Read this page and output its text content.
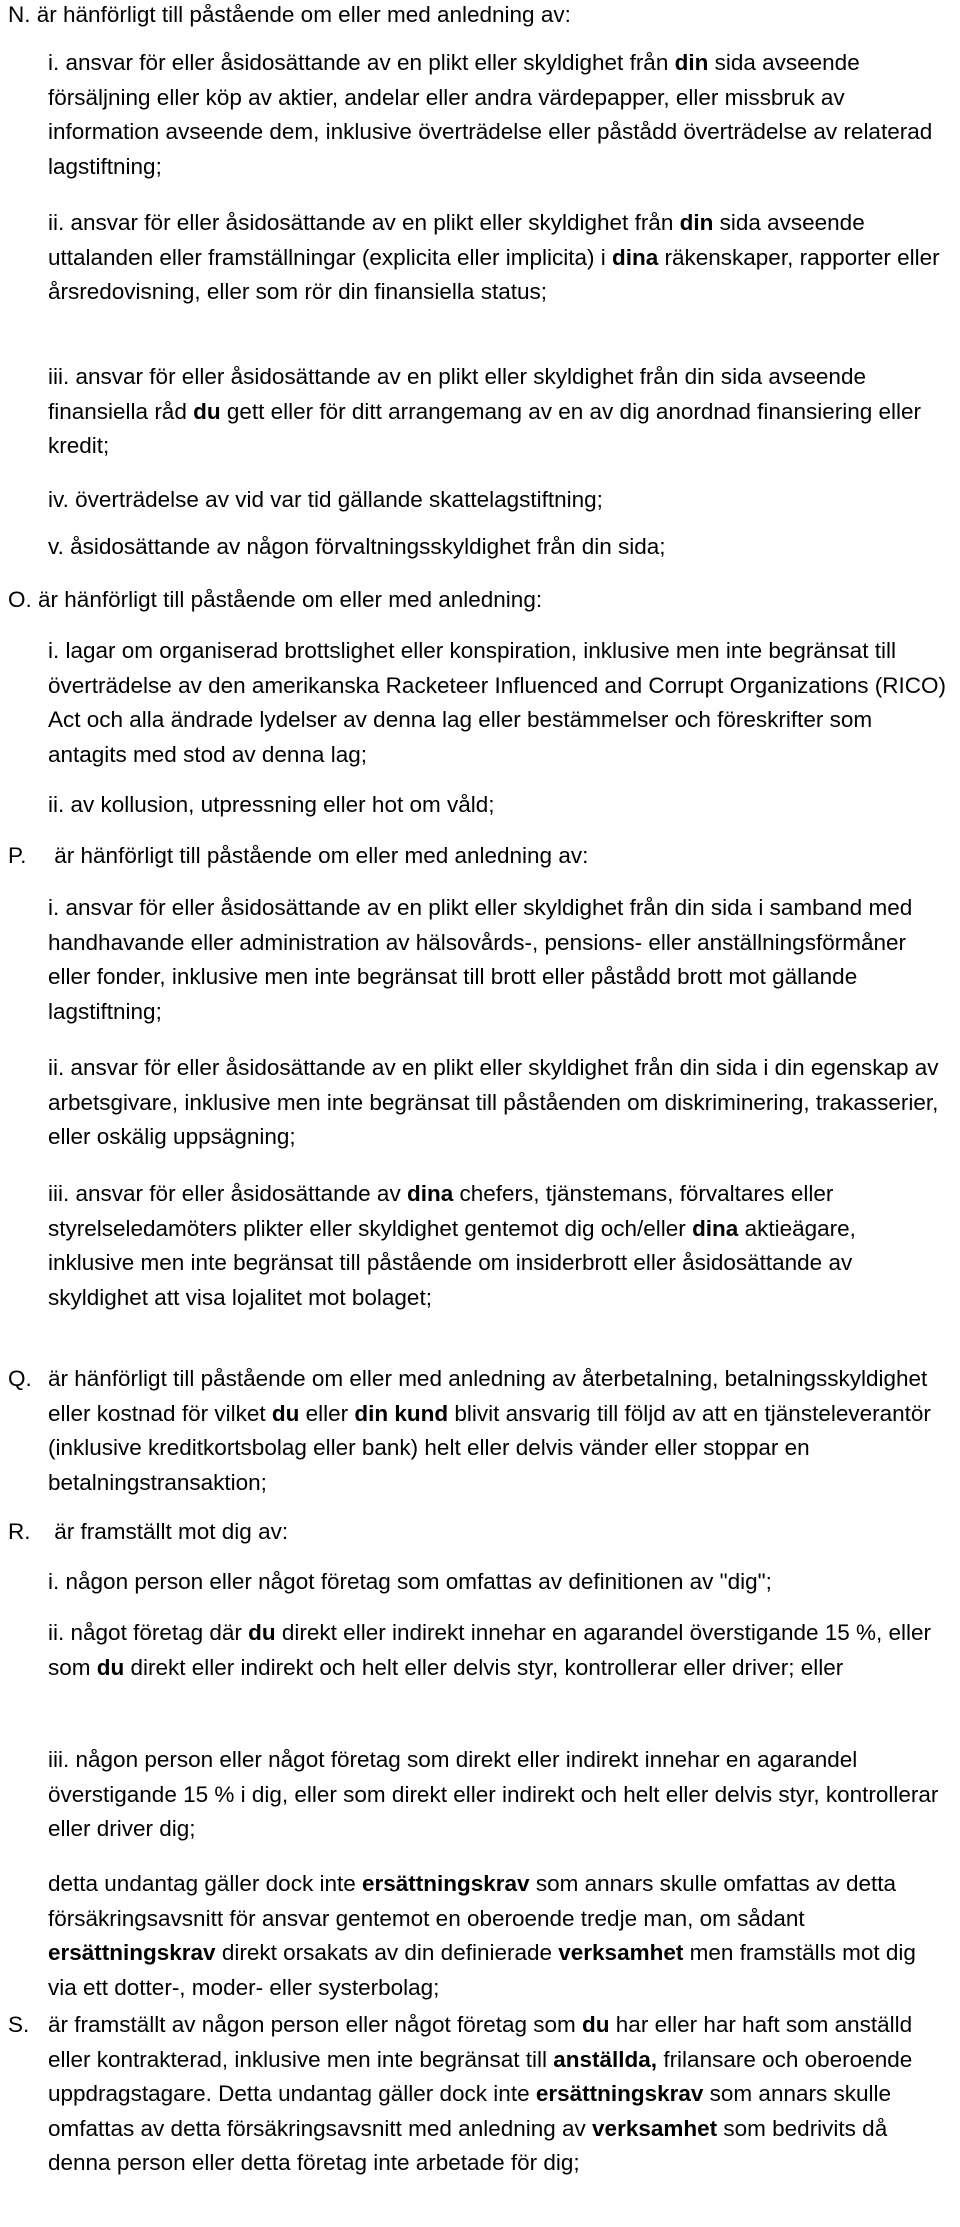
N. är hänförligt till påstående om eller med anledning av:
i. ansvar för eller åsidosättande av en plikt eller skyldighet från din sida avseende försäljning eller köp av aktier, andelar eller andra värdepapper, eller missbruk av information avseende dem, inklusive överträdelse eller påstådd överträdelse av relaterad lagstiftning;
ii. ansvar för eller åsidosättande av en plikt eller skyldighet från din sida avseende uttalanden eller framställningar (explicita eller implicita) i dina räkenskaper, rapporter eller årsredovisning, eller som rör din finansiella status;
iii. ansvar för eller åsidosättande av en plikt eller skyldighet från din sida avseende finansiella råd du gett eller för ditt arrangemang av en av dig anordnad finansiering eller kredit;
iv. överträdelse av vid var tid gällande skattelagstiftning;
v. åsidosättande av någon förvaltningsskyldighet från din sida;
O. är hänförligt till påstående om eller med anledning:
i. lagar om organiserad brottslighet eller konspiration, inklusive men inte begränsat till överträdelse av den amerikanska Racketeer Influenced and Corrupt Organizations (RICO) Act och alla ändrade lydelser av denna lag eller bestämmelser och föreskrifter som antagits med stod av denna lag;
ii. av kollusion, utpressning eller hot om våld;
P. är hänförligt till påstående om eller med anledning av:
i. ansvar för eller åsidosättande av en plikt eller skyldighet från din sida i samband med handhavande eller administration av hälsovårds-, pensions- eller anställningsförmåner eller fonder, inklusive men inte begränsat till brott eller påstådd brott mot gällande lagstiftning;
ii. ansvar för eller åsidosättande av en plikt eller skyldighet från din sida i din egenskap av arbetsgivare, inklusive men inte begränsat till påståenden om diskriminering, trakasserier, eller oskälig uppsägning;
iii. ansvar för eller åsidosättande av dina chefers, tjänstemans, förvaltares eller styrelseledamöters plikter eller skyldighet gentemot dig och/eller dina aktieägare, inklusive men inte begränsat till påstående om insiderbrott eller åsidosättande av skyldighet att visa lojalitet mot bolaget;
Q. är hänförligt till påstående om eller med anledning av återbetalning, betalningsskyldighet eller kostnad för vilket du eller din kund blivit ansvarig till följd av att en tjänsteleverantör (inklusive kreditkortsbolag eller bank) helt eller delvis vänder eller stoppar en betalningstransaktion;
R. är framställt mot dig av:
i. någon person eller något företag som omfattas av definitionen av "dig";
ii. något företag där du direkt eller indirekt innehar en agarandel överstigande 15 %, eller som du direkt eller indirekt och helt eller delvis styr, kontrollerar eller driver; eller
iii. någon person eller något företag som direkt eller indirekt innehar en agarandel överstigande 15 % i dig, eller som direkt eller indirekt och helt eller delvis styr, kontrollerar eller driver dig;
detta undantag gäller dock inte ersättningskrav som annars skulle omfattas av detta försäkringsavsnitt för ansvar gentemot en oberoende tredje man, om sådant ersättningskrav direkt orsakats av din definierade verksamhet men framställs mot dig via ett dotter-, moder- eller systerbolag;
S. är framställt av någon person eller något företag som du har eller har haft som anställd eller kontrakterad, inklusive men inte begränsat till anställda, frilansare och oberoende uppdragstagare. Detta undantag gäller dock inte ersättningskrav som annars skulle omfattas av detta försäkringsavsnitt med anledning av verksamhet som bedrivits då denna person eller detta företag inte arbetade för dig;
